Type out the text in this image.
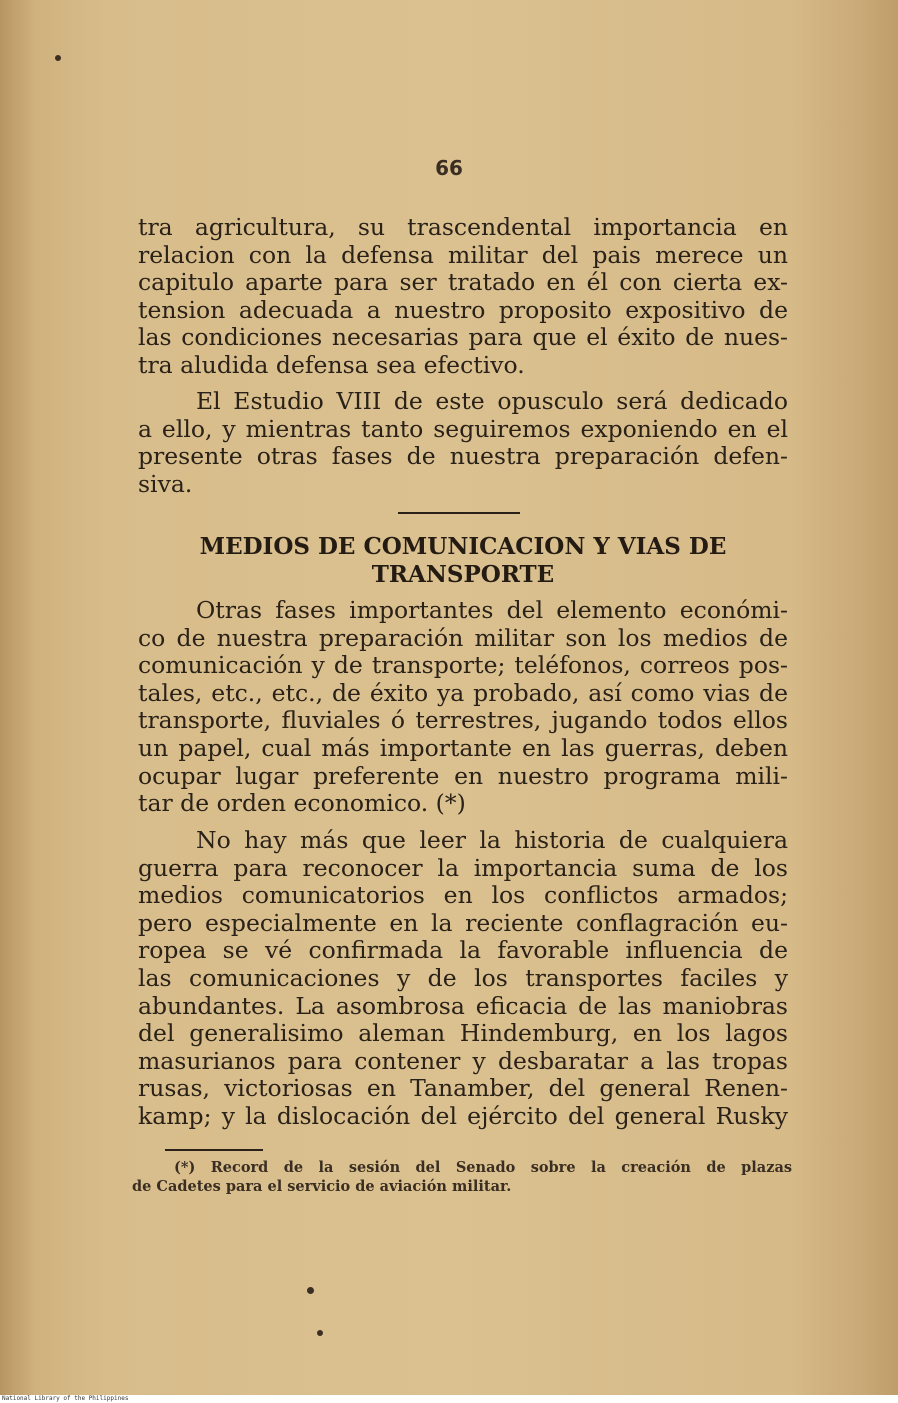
66

tra agricultura, su trascendental importancia en
relacion con la defensa militar del pais merece un
capitulo aparte para ser tratado en él con cierta ex-
tension adecuada a nuestro proposito expositivo de
las condiciones necesarias para que el éxito de nues-
tra aludida defensa sea efectivo.

El Estudio VIII de este opusculo será dedicado
a ello, y mientras tanto seguiremos exponiendo en el
presente otras fases de nuestra preparación defen-
siva.

MEDIOS DE COMUNICACION Y VIAS DE
TRANSPORTE

Otras fases importantes del elemento económi-
co de nuestra preparación militar son los medios de
comunicación y de transporte; teléfonos, correos pos-
tales, etc., etc., de éxito ya probado, así como vias de
transporte, fluviales ó terrestres, jugando todos ellos
un papel, cual más importante en las guerras, deben
ocupar lugar preferente en nuestro programa mili-
tar de orden economico. (*)

No hay más que leer la historia de cualquiera
guerra para reconocer la importancia suma de los
medios comunicatorios en los conflictos armados;
pero especialmente en la reciente conflagración eu-
ropea se vé confirmada la favorable influencia de
las comunicaciones y de los transportes faciles y
abundantes. La asombrosa eficacia de las maniobras
del generalisimo aleman Hindemburg, en los lagos
masurianos para contener y desbaratar a las tropas
rusas, victoriosas en Tanamber, del general Renen-
kamp; y la dislocación del ejército del general Rusky

(*) Record de la sesión del Senado sobre la creación de plazas
de Cadetes para el servicio de aviación militar.
National Library of the Philippines
